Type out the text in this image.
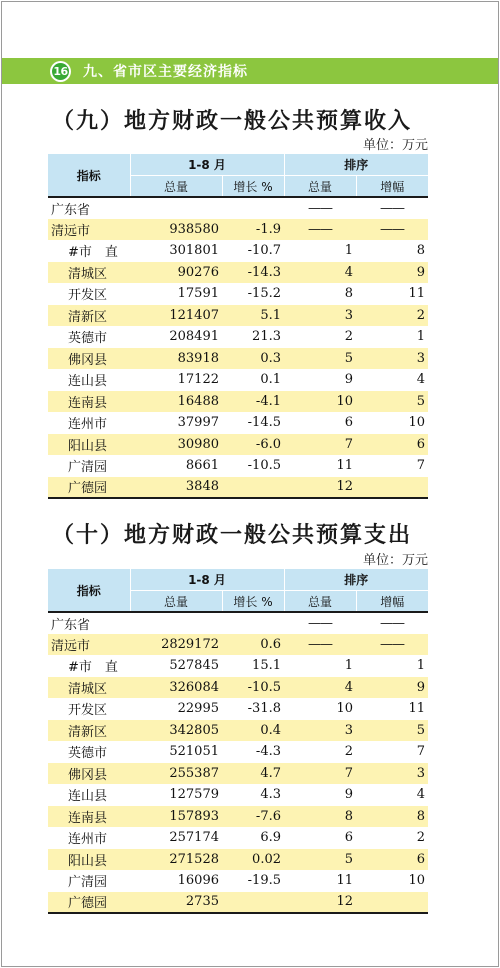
16 九、省市区主要经济指标
（九）地方财政一般公共预算收入
单位：万元
指标	1-8 月		排序	
	总量	增长 %	总量	增幅
广东省			——	——
清远市	938580	-1.9	——	——
#市　直	301801	-10.7	1	8
清城区	90276	-14.3	4	9
开发区	17591	-15.2	8	11
清新区	121407	5.1	3	2
英德市	208491	21.3	2	1
佛冈县	83918	0.3	5	3
连山县	17122	0.1	9	4
连南县	16488	-4.1	10	5
连州市	37997	-14.5	6	10
阳山县	30980	-6.0	7	6
广清园	8661	-10.5	11	7
广德园	3848		12	
（十）地方财政一般公共预算支出
单位：万元
指标	1-8 月		排序	
	总量	增长 %	总量	增幅
广东省			——	——
清远市	2829172	0.6	——	——
#市　直	527845	15.1	1	1
清城区	326084	-10.5	4	9
开发区	22995	-31.8	10	11
清新区	342805	0.4	3	5
英德市	521051	-4.3	2	7
佛冈县	255387	4.7	7	3
连山县	127579	4.3	9	4
连南县	157893	-7.6	8	8
连州市	257174	6.9	6	2
阳山县	271528	0.02	5	6
广清园	16096	-19.5	11	10
广德园	2735		12	
